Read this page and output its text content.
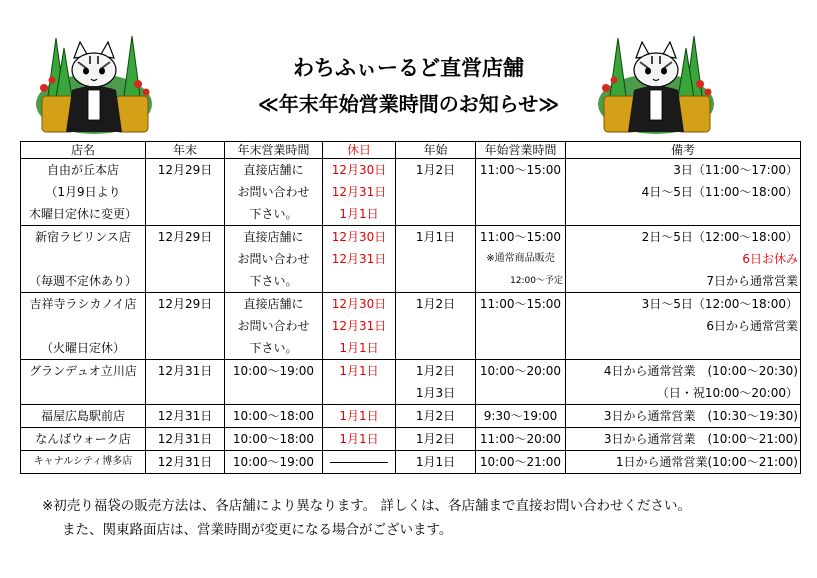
わちふぃーるど直営店舗
≪年末年始営業時間のお知らせ≫
店名	年末	年末営業時間	休日	年始	年始営業時間	備考

自由が丘本店
（1月9日より
木曜日定休に変更）	12月29日	直接店舗に
お問い合わせ
下さい。	12月30日
12月31日
1月1日	1月2日	11:00～15:00	3日（11:00～17:00）
4日～5日（11:00～18:00）

新宿ラビリンス店
（毎週不定休あり）	12月29日	直接店舗に
お問い合わせ
下さい。	12月30日
12月31日	1月1日	11:00～15:00
※通常商品販売
12:00～予定	2日～5日（12:00～18:00）
6日お休み
7日から通常営業

吉祥寺ラシカノイ店
（火曜日定休）	12月29日	直接店舗に
お問い合わせ
下さい。	12月30日
12月31日
1月1日	1月2日	11:00～15:00	3日～5日（12:00～18:00）
6日から通常営業

グランデュオ立川店	12月31日	10:00～19:00	1月1日	1月2日
1月3日	10:00～20:00	4日から通常営業　(10:00～20:30)
（日・祝10:00～20:00）

福屋広島駅前店	12月31日	10:00～18:00	1月1日	1月2日	9:30～19:00	3日から通常営業　(10:30～19:30)

なんばウォーク店	12月31日	10:00～18:00	1月1日	1月2日	11:00～20:00	3日から通常営業　(10:00～21:00)

キャナルシティ博多店	12月31日	10:00～19:00		1月1日	10:00～21:00	1日から通常営業(10:00～21:00)
※初売り福袋の販売方法は、各店舗により異なります。 詳しくは、各店舗まで直接お問い合わせください。
また、関東路面店は、営業時間が変更になる場合がございます。
